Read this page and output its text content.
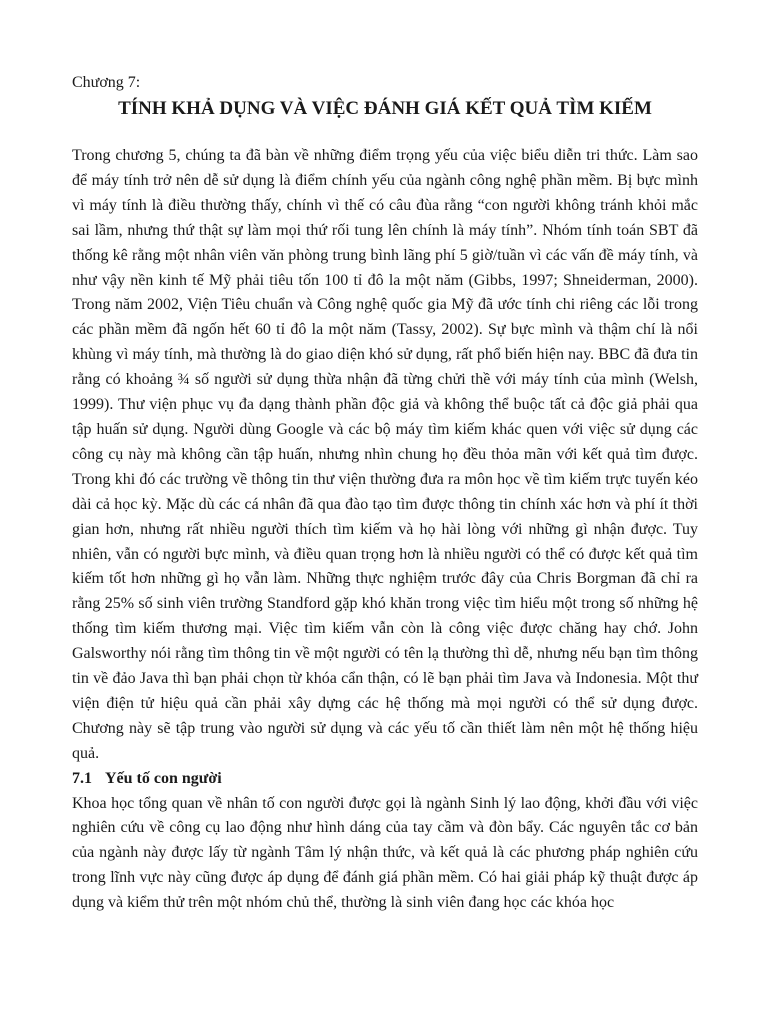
Chương 7:

TÍNH KHẢ DỤNG VÀ VIỆC ĐÁNH GIÁ KẾT QUẢ TÌM KIẾM

Trong chương 5, chúng ta đã bàn về những điểm trọng yếu của việc biểu diễn tri thức. Làm sao để máy tính trở nên dễ sử dụng là điểm chính yếu của ngành công nghệ phần mềm. Bị bực mình vì máy tính là điều thường thấy, chính vì thế có câu đùa rằng “con người không tránh khỏi mắc sai lầm, nhưng thứ thật sự làm mọi thứ rối tung lên chính là máy tính”. Nhóm tính toán SBT đã thống kê rằng một nhân viên văn phòng trung bình lãng phí 5 giờ/tuần vì các vấn đề máy tính, và như vậy nền kinh tế Mỹ phải tiêu tốn 100 tỉ đô la một năm (Gibbs, 1997; Shneiderman, 2000). Trong năm 2002, Viện Tiêu chuẩn và Công nghệ quốc gia Mỹ đã ước tính chi riêng các lỗi trong các phần mềm đã ngốn hết 60 tỉ đô la một năm (Tassy, 2002). Sự bực mình và thậm chí là nổi khùng vì máy tính, mà thường là do giao diện khó sử dụng, rất phổ biến hiện nay. BBC đã đưa tin rằng có khoảng ¾ số người sử dụng thừa nhận đã từng chửi thề với máy tính của mình (Welsh, 1999). Thư viện phục vụ đa dạng thành phần độc giả và không thể buộc tất cả độc giả phải qua tập huấn sử dụng. Người dùng Google và các bộ máy tìm kiếm khác quen với việc sử dụng các công cụ này mà không cần tập huấn, nhưng nhìn chung họ đều thỏa mãn với kết quả tìm được. Trong khi đó các trường về thông tin thư viện thường đưa ra môn học về tìm kiếm trực tuyến kéo dài cả học kỳ. Mặc dù các cá nhân đã qua đào tạo tìm được thông tin chính xác hơn và phí ít thời gian hơn, nhưng rất nhiều người thích tìm kiếm và họ hài lòng với những gì nhận được. Tuy nhiên, vẫn có người bực mình, và điều quan trọng hơn là nhiều người có thể có được kết quả tìm kiếm tốt hơn những gì họ vẫn làm. Những thực nghiệm trước đây của Chris Borgman đã chỉ ra rằng 25% số sinh viên trường Standford gặp khó khăn trong việc tìm hiểu một trong số những hệ thống tìm kiếm thương mại. Việc tìm kiếm vẫn còn là công việc được chăng hay chớ. John Galsworthy nói rằng tìm thông tin về một người có tên lạ thường thì dễ, nhưng nếu bạn tìm thông tin về đảo Java thì bạn phải chọn từ khóa cẩn thận, có lẽ bạn phải tìm Java và Indonesia. Một thư viện điện tử hiệu quả cần phải xây dựng các hệ thống mà mọi người có thể sử dụng được. Chương này sẽ tập trung vào người sử dụng và các yếu tố cần thiết làm nên một hệ thống hiệu quả.

7.1 Yếu tố con người

Khoa học tổng quan về nhân tố con người được gọi là ngành Sinh lý lao động, khởi đầu với việc nghiên cứu về công cụ lao động như hình dáng của tay cầm và đòn bẩy. Các nguyên tắc cơ bản của ngành này được lấy từ ngành Tâm lý nhận thức, và kết quả là các phương pháp nghiên cứu trong lĩnh vực này cũng được áp dụng để đánh giá phần mềm. Có hai giải pháp kỹ thuật được áp dụng và kiểm thử trên một nhóm chủ thể, thường là sinh viên đang học các khóa học
